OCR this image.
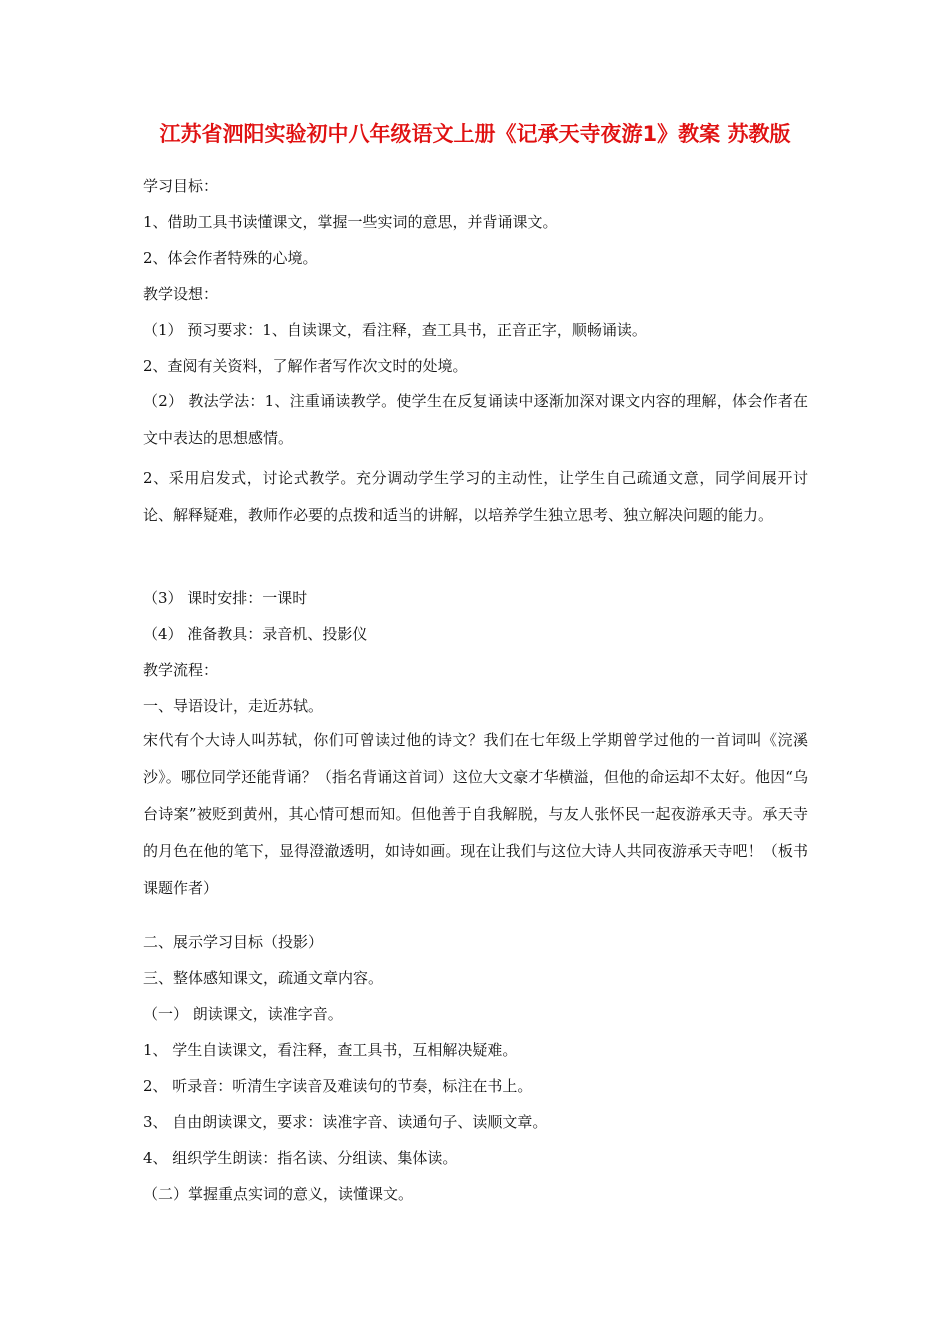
江苏省泗阳实验初中八年级语文上册《记承天寺夜游1》教案 苏教版
学习目标：
1、借助工具书读懂课文，掌握一些实词的意思，并背诵课文。
2、体会作者特殊的心境。
教学设想：
（1） 预习要求：1、自读课文，看注释，查工具书，正音正字，顺畅诵读。
2、查阅有关资料，了解作者写作次文时的处境。
（2） 教法学法：1、注重诵读教学。使学生在反复诵读中逐渐加深对课文内容的理解，体会作者在文中表达的思想感情。
2、采用启发式，讨论式教学。充分调动学生学习的主动性，让学生自己疏通文意，同学间展开讨论、解释疑难，教师作必要的点拨和适当的讲解，以培养学生独立思考、独立解决问题的能力。
（3） 课时安排：一课时
（4） 准备教具：录音机、投影仪
教学流程：
一、导语设计，走近苏轼。
宋代有个大诗人叫苏轼，你们可曾读过他的诗文？我们在七年级上学期曾学过他的一首词叫《浣溪沙》。哪位同学还能背诵？（指名背诵这首词）这位大文豪才华横溢，但他的命运却不太好。他因“乌台诗案”被贬到黄州，其心情可想而知。但他善于自我解脱，与友人张怀民一起夜游承天寺。承天寺的月色在他的笔下，显得澄澈透明，如诗如画。现在让我们与这位大诗人共同夜游承天寺吧！（板书课题作者）
二、展示学习目标（投影）
三、整体感知课文，疏通文章内容。
（一） 朗读课文，读准字音。
1、 学生自读课文，看注释，查工具书，互相解决疑难。
2、 听录音：听清生字读音及难读句的节奏，标注在书上。
3、 自由朗读课文，要求：读准字音、读通句子、读顺文章。
4、 组织学生朗读：指名读、分组读、集体读。
（二）掌握重点实词的意义，读懂课文。
